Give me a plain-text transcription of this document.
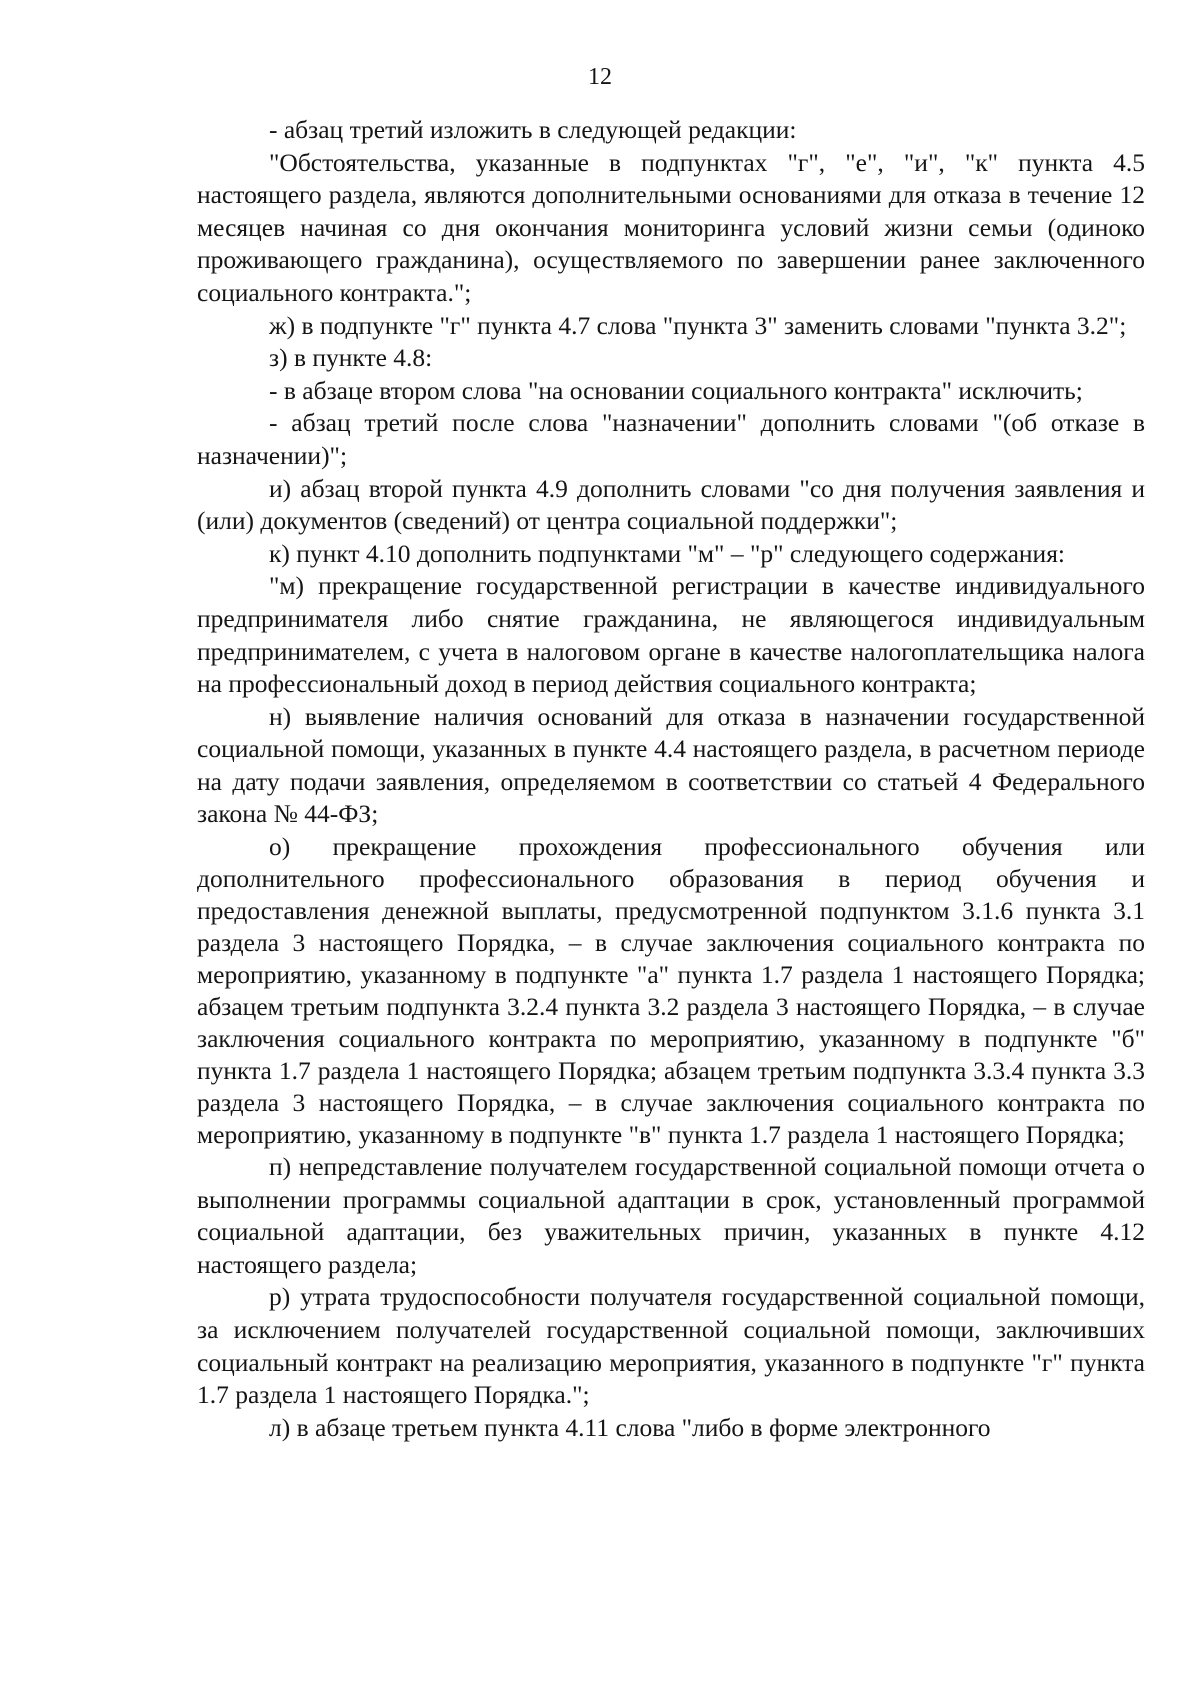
12

- абзац третий изложить в следующей редакции:

"Обстоятельства, указанные в подпунктах "г", "е", "и", "к" пункта 4.5 настоящего раздела, являются дополнительными основаниями для отказа в течение 12 месяцев начиная со дня окончания мониторинга условий жизни семьи (одиноко проживающего гражданина), осуществляемого по завершении ранее заключенного социального контракта.";

ж) в подпункте "г" пункта 4.7 слова "пункта 3" заменить словами "пункта 3.2";

з) в пункте 4.8:

- в абзаце втором слова "на основании социального контракта" исключить;

- абзац третий после слова "назначении" дополнить словами "(об отказе в назначении)";

и) абзац второй пункта 4.9 дополнить словами "со дня получения заявления и (или) документов (сведений) от центра социальной поддержки";

к) пункт 4.10 дополнить подпунктами "м" – "р" следующего содержания:

"м) прекращение государственной регистрации в качестве индивидуального предпринимателя либо снятие гражданина, не являющегося индивидуальным предпринимателем, с учета в налоговом органе в качестве налогоплательщика налога на профессиональный доход в период действия социального контракта;

н) выявление наличия оснований для отказа в назначении государственной социальной помощи, указанных в пункте 4.4 настоящего раздела, в расчетном периоде на дату подачи заявления, определяемом в соответствии со статьей 4 Федерального закона № 44-ФЗ;

о) прекращение прохождения профессионального обучения или дополнительного профессионального образования в период обучения и предоставления денежной выплаты, предусмотренной подпунктом 3.1.6 пункта 3.1 раздела 3 настоящего Порядка, – в случае заключения социального контракта по мероприятию, указанному в подпункте "а" пункта 1.7 раздела 1 настоящего Порядка; абзацем третьим подпункта 3.2.4 пункта 3.2 раздела 3 настоящего Порядка, – в случае заключения социального контракта по мероприятию, указанному в подпункте "б" пункта 1.7 раздела 1 настоящего Порядка; абзацем третьим подпункта 3.3.4 пункта 3.3 раздела 3 настоящего Порядка, – в случае заключения социального контракта по мероприятию, указанному в подпункте "в" пункта 1.7 раздела 1 настоящего Порядка;

п) непредставление получателем государственной социальной помощи отчета о выполнении программы социальной адаптации в срок, установленный программой социальной адаптации, без уважительных причин, указанных в пункте 4.12 настоящего раздела;

р) утрата трудоспособности получателя государственной социальной помощи, за исключением получателей государственной социальной помощи, заключивших социальный контракт на реализацию мероприятия, указанного в подпункте "г" пункта 1.7 раздела 1 настоящего Порядка.";

л) в абзаце третьем пункта 4.11 слова "либо в форме электронного
